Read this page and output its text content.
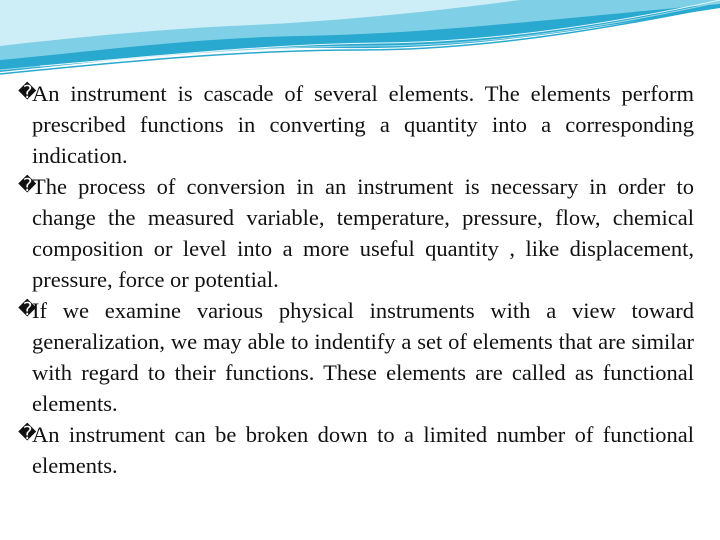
�
An instrument is cascade of several elements. The elements perform prescribed functions in converting a quantity into a corresponding indication.

�
The process of conversion in an instrument is necessary in order to change the measured variable, temperature, pressure, flow, chemical composition or level into a more useful quantity , like displacement, pressure, force or potential.

�
If we examine various physical instruments with a view toward generalization, we may able to indentify a set of elements that are similar with regard to their functions. These elements are called as functional elements.

�
An instrument can be broken down to a limited number of functional elements.
